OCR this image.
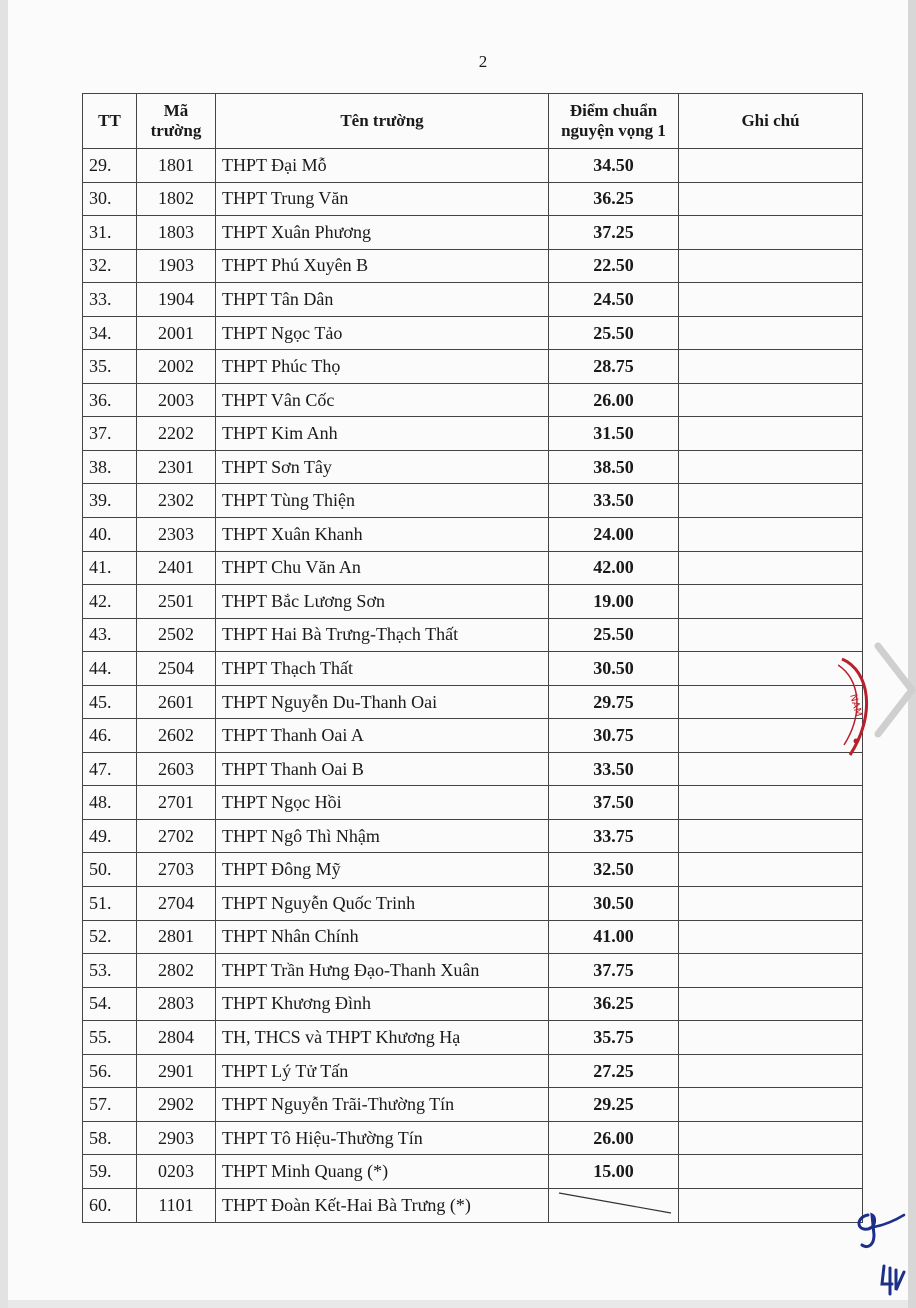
2
TT	Mã trường	Tên trường	Điểm chuẩn nguyện vọng 1	Ghi chú
29.	1801	THPT Đại Mỗ	34.50	
30.	1802	THPT Trung Văn	36.25	
31.	1803	THPT Xuân Phương	37.25	
32.	1903	THPT Phú Xuyên B	22.50	
33.	1904	THPT Tân Dân	24.50	
34.	2001	THPT Ngọc Tảo	25.50	
35.	2002	THPT Phúc Thọ	28.75	
36.	2003	THPT Vân Cốc	26.00	
37.	2202	THPT Kim Anh	31.50	
38.	2301	THPT Sơn Tây	38.50	
39.	2302	THPT Tùng Thiện	33.50	
40.	2303	THPT Xuân Khanh	24.00	
41.	2401	THPT Chu Văn An	42.00	
42.	2501	THPT Bắc Lương Sơn	19.00	
43.	2502	THPT Hai Bà Trưng-Thạch Thất	25.50	
44.	2504	THPT Thạch Thất	30.50	
45.	2601	THPT Nguyễn Du-Thanh Oai	29.75	
46.	2602	THPT Thanh Oai A	30.75	
47.	2603	THPT Thanh Oai B	33.50	
48.	2701	THPT Ngọc Hồi	37.50	
49.	2702	THPT Ngô Thì Nhậm	33.75	
50.	2703	THPT Đông Mỹ	32.50	
51.	2704	THPT Nguyễn Quốc Trinh	30.50	
52.	2801	THPT Nhân Chính	41.00	
53.	2802	THPT Trần Hưng Đạo-Thanh Xuân	37.75	
54.	2803	THPT Khương Đình	36.25	
55.	2804	TH, THCS và THPT Khương Hạ	35.75	
56.	2901	THPT Lý Tử Tấn	27.25	
57.	2902	THPT Nguyễn Trãi-Thường Tín	29.25	
58.	2903	THPT Tô Hiệu-Thường Tín	26.00	
59.	0203	THPT Minh Quang (*)	15.00	
60.	1101	THPT Đoàn Kết-Hai Bà Trưng (*)	

NAM
